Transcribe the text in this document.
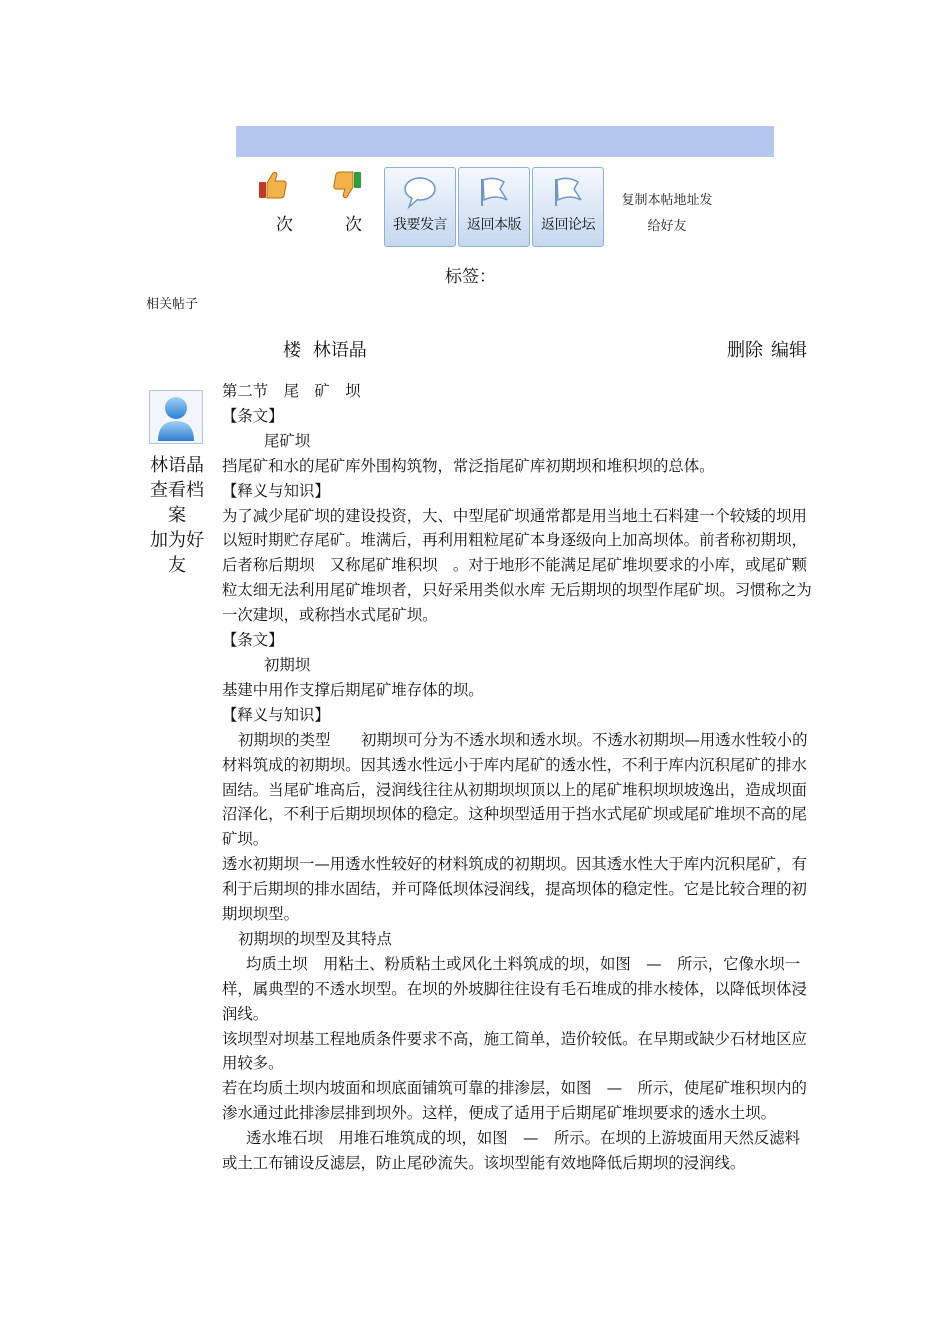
次	次	我要发言	返回本版	返回论坛
复制本帖地址发
给好友
标签：
相关帖子
楼 林语晶	删除 编辑
林语晶
查看档案
加为好友

第二节　尾　矿　坝

【条文】

尾矿坝

挡尾矿和水的尾矿库外围构筑物，常泛指尾矿库初期坝和堆积坝的总体。

【释义与知识】

为了减少尾矿坝的建设投资，大、中型尾矿坝通常都是用当地土石料建一个较矮的坝用以短时期贮存尾矿。堆满后，再利用粗粒尾矿本身逐级向上加高坝体。前者称初期坝，后者称后期坝　又称尾矿堆积坝　。对于地形不能满足尾矿堆坝要求的小库，或尾矿颗粒太细无法利用尾矿堆坝者，只好采用类似水库 无后期坝的坝型作尾矿坝。习惯称之为一次建坝，或称挡水式尾矿坝。

【条文】

初期坝

基建中用作支撑后期尾矿堆存体的坝。

【释义与知识】

初期坝的类型　　初期坝可分为不透水坝和透水坝。不透水初期坝—用透水性较小的材料筑成的初期坝。因其透水性远小于库内尾矿的透水性，不利于库内沉积尾矿的排水固结。当尾矿堆高后，浸润线往往从初期坝坝顶以上的尾矿堆积坝坝坡逸出，造成坝面沼泽化，不利于后期坝坝体的稳定。这种坝型适用于挡水式尾矿坝或尾矿堆坝不高的尾矿坝。

透水初期坝一—用透水性较好的材料筑成的初期坝。因其透水性大于库内沉积尾矿，有利于后期坝的排水固结，并可降低坝体浸润线，提高坝体的稳定性。它是比较合理的初期坝坝型。

初期坝的坝型及其特点

均质土坝　用粘土、粉质粘土或风化土料筑成的坝，如图　—　所示，它像水坝一样，属典型的不透水坝型。在坝的外坡脚往往设有毛石堆成的排水棱体，以降低坝体浸润线。

该坝型对坝基工程地质条件要求不高，施工简单，造价较低。在早期或缺少石材地区应用较多。

若在均质土坝内坡面和坝底面铺筑可靠的排渗层，如图　—　所示，使尾矿堆积坝内的渗水通过此排渗层排到坝外。这样，便成了适用于后期尾矿堆坝要求的透水土坝。

透水堆石坝　用堆石堆筑成的坝，如图　—　所示。在坝的上游坡面用天然反滤料或土工布铺设反滤层，防止尾砂流失。该坝型能有效地降低后期坝的浸润线。
